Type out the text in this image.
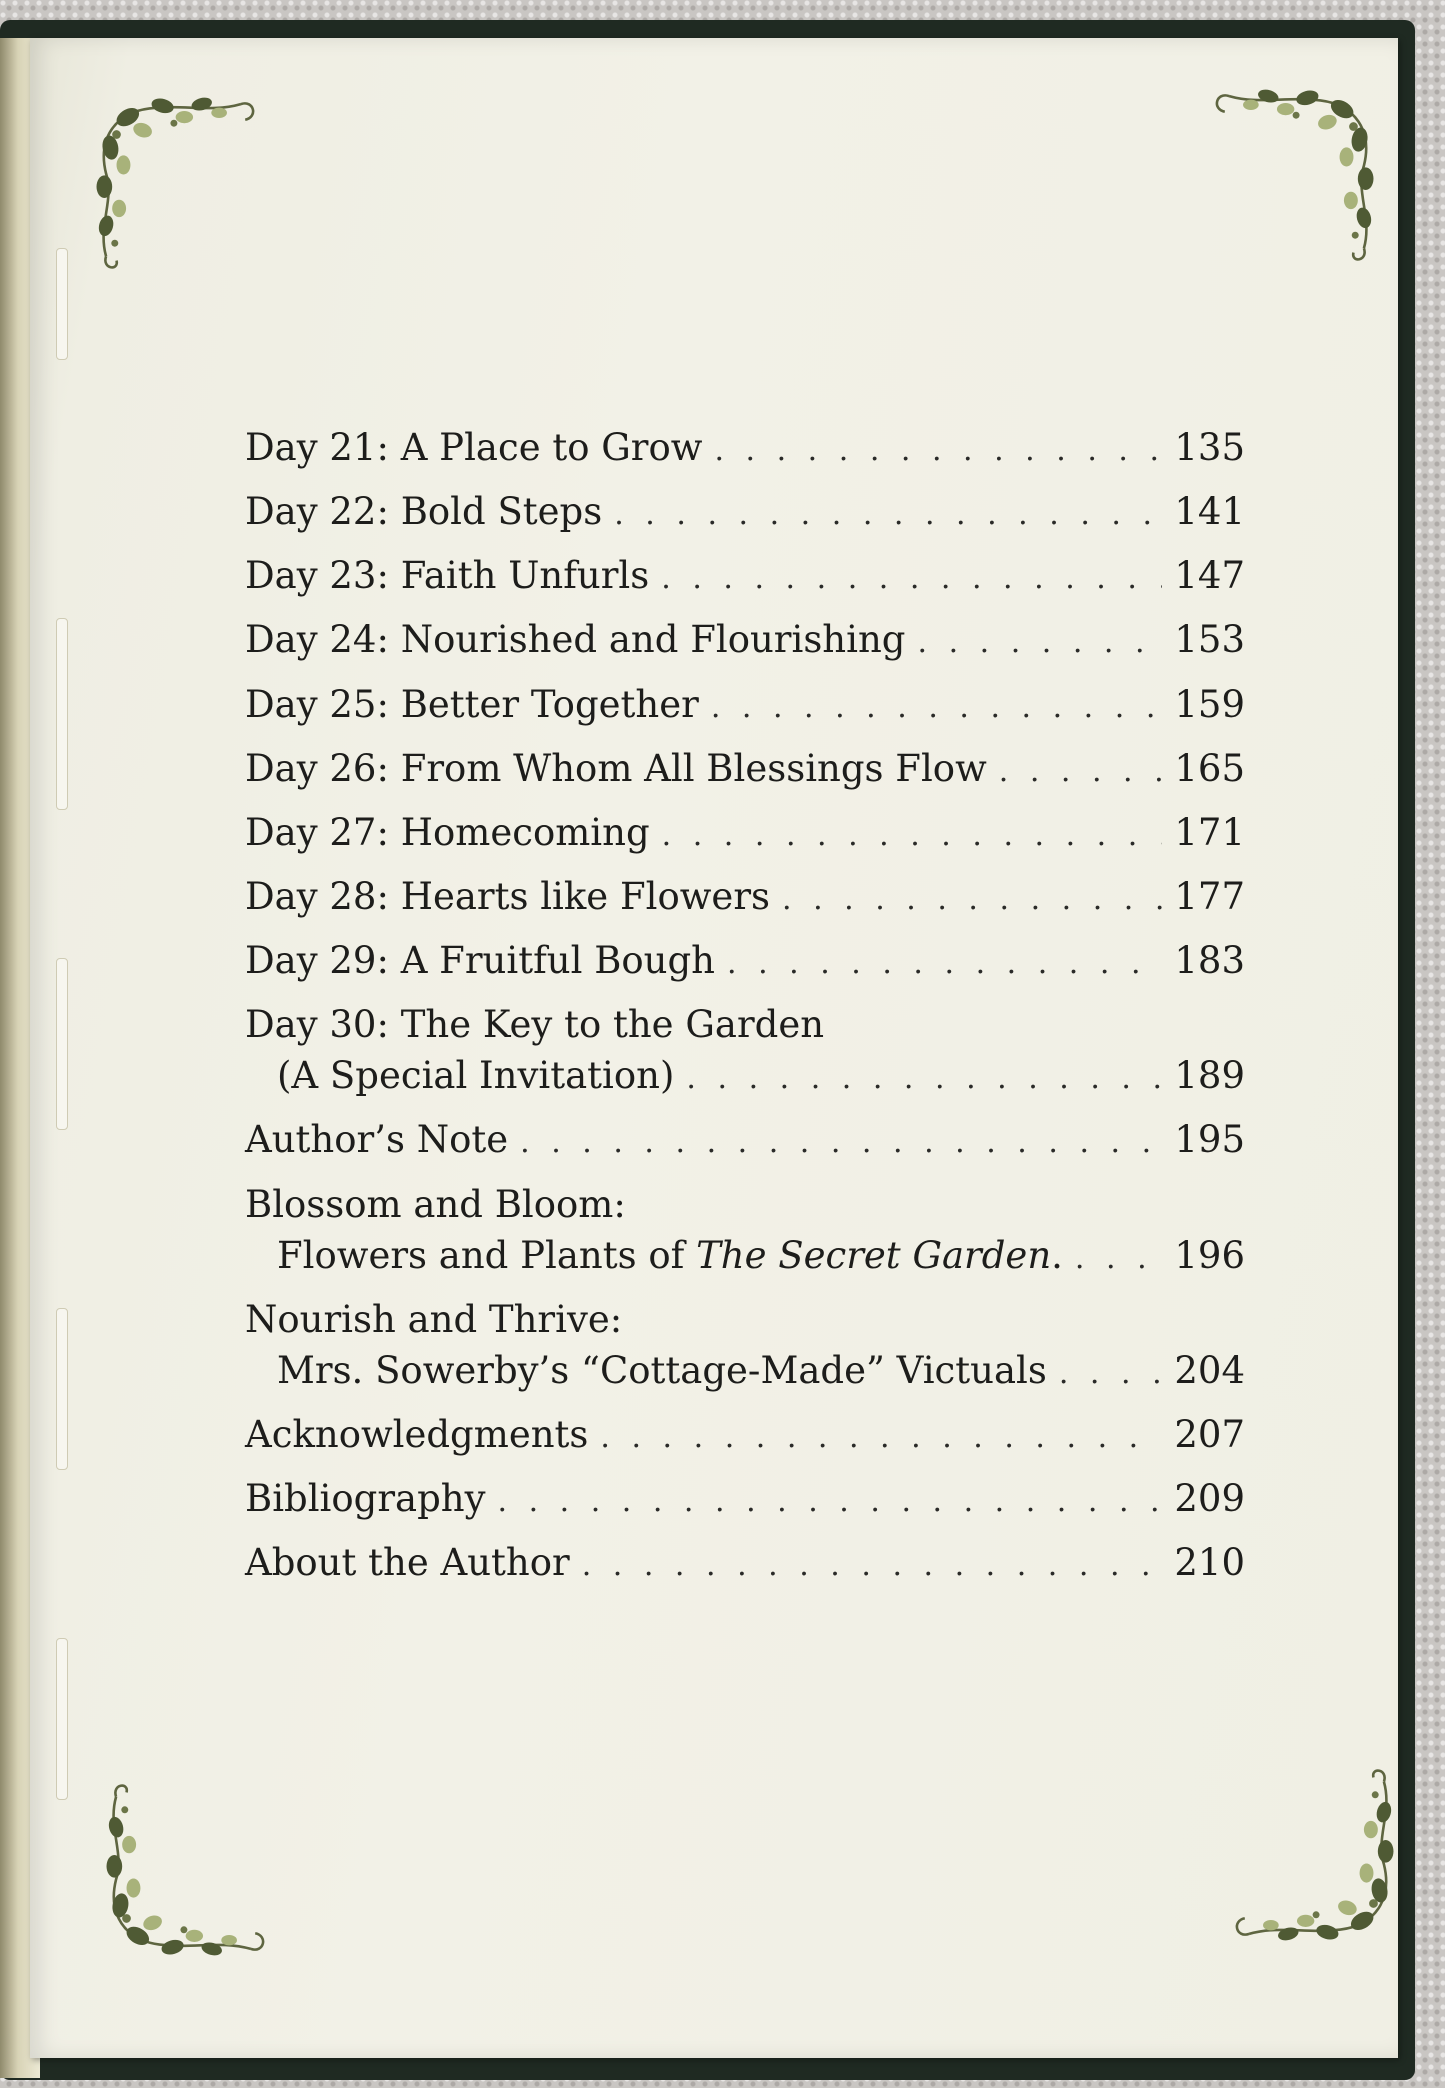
Day 21: A Place to Grow . . .	135
Day 22: Bold Steps . . .	141
Day 23: Faith Unfurls . . .	147
Day 24: Nourished and Flourishing . . .	153
Day 25: Better Together . . .	159
Day 26: From Whom All Blessings Flow . . .	165
Day 27: Homecoming . . .	171
Day 28: Hearts like Flowers . . .	177
Day 29: A Fruitful Bough . . .	183
Day 30: The Key to the Garden
(A Special Invitation) . . .	189
Author’s Note . . .	195
Blossom and Bloom:
Flowers and Plants of The Secret Garden. . . .	196
Nourish and Thrive:
Mrs. Sowerby’s “Cottage-Made” Victuals . . .	204
Acknowledgments . . .	207
Bibliography . . .	209
About the Author . . .	210
